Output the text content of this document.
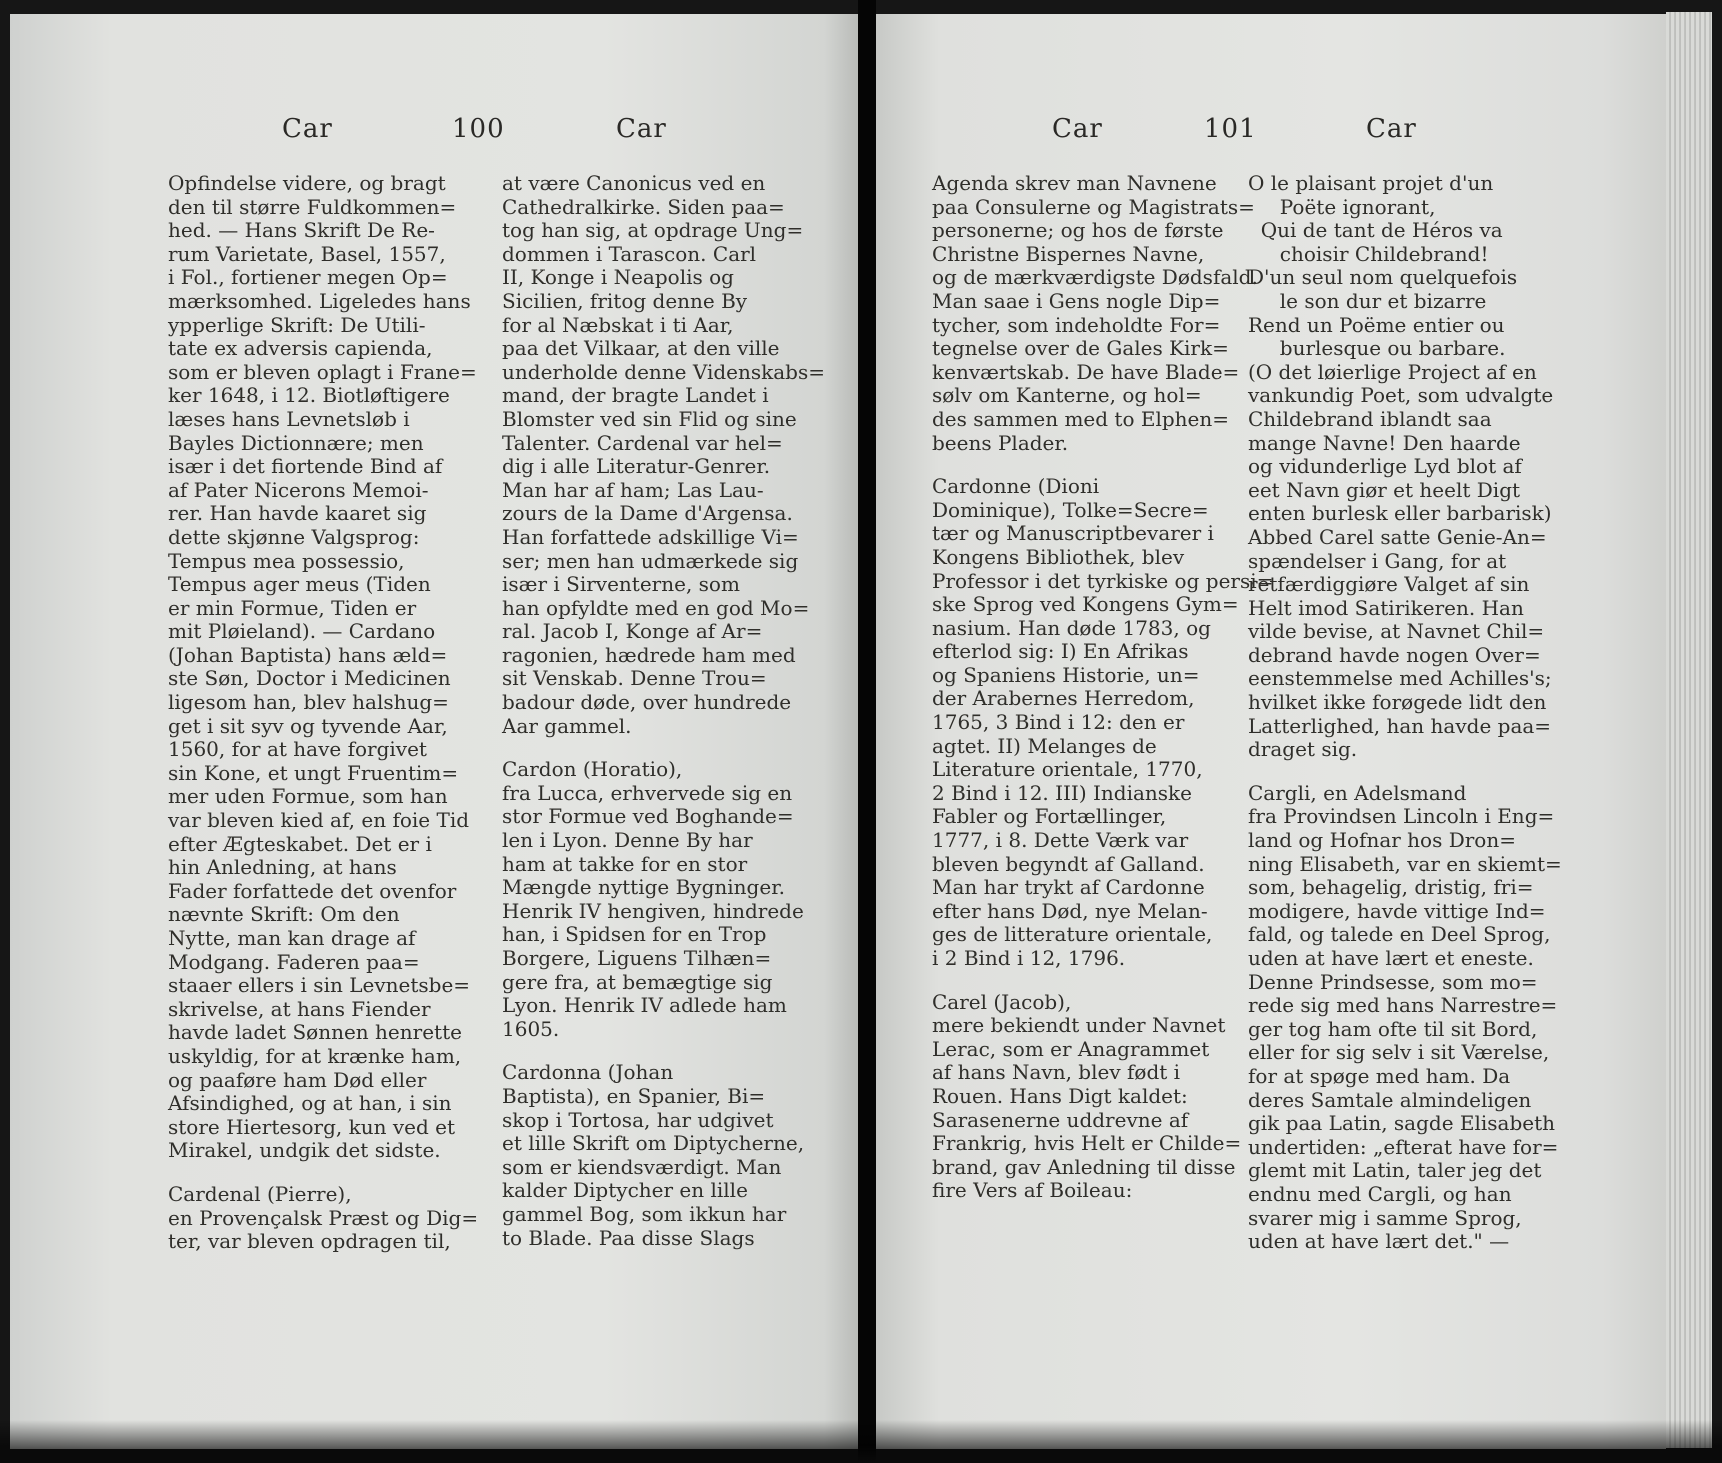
Car	100	Car
Opfindelse videre, og bragt
den til større Fuldkommen=
hed. — Hans Skrift De Re-
rum Varietate, Basel, 1557,
i Fol., fortiener megen Op=
mærksomhed. Ligeledes hans
ypperlige Skrift: De Utili-
tate ex adversis capienda,
som er bleven oplagt i Frane=
ker 1648, i 12. Biotløftigere
læses hans Levnetsløb i
Bayles Dictionnære; men
især i det fiortende Bind af
af Pater Nicerons Memoi-
rer. Han havde kaaret sig
dette skjønne Valgsprog:
Tempus mea possessio,
Tempus ager meus (Tiden
er min Formue, Tiden er
mit Pløieland). — Cardano
(Johan Baptista) hans æld=
ste Søn, Doctor i Medicinen
ligesom han, blev halshug=
get i sit syv og tyvende Aar,
1560, for at have forgivet
sin Kone, et ungt Fruentim=
mer uden Formue, som han
var bleven kied af, en foie Tid
efter Ægteskabet. Det er i
hin Anledning, at hans
Fader forfattede det ovenfor
nævnte Skrift: Om den
Nytte, man kan drage af
Modgang. Faderen paa=
staaer ellers i sin Levnetsbe=
skrivelse, at hans Fiender
havde ladet Sønnen henrette
uskyldig, for at krænke ham,
og paaføre ham Død eller
Afsindighed, og at han, i sin
store Hiertesorg, kun ved et
Mirakel, undgik det sidste.
Cardenal (Pierre),
en Provençalsk Præst og Dig=
ter, var bleven opdragen til,
at være Canonicus ved en
Cathedralkirke. Siden paa=
tog han sig, at opdrage Ung=
dommen i Tarascon. Carl
II, Konge i Neapolis og
Sicilien, fritog denne By
for al Næbskat i ti Aar,
paa det Vilkaar, at den ville
underholde denne Videnskabs=
mand, der bragte Landet i
Blomster ved sin Flid og sine
Talenter. Cardenal var hel=
dig i alle Literatur-Genrer.
Man har af ham; Las Lau-
zours de la Dame d'Argensa.
Han forfattede adskillige Vi=
ser; men han udmærkede sig
især i Sirventerne, som
han opfyldte med en god Mo=
ral. Jacob I, Konge af Ar=
ragonien, hædrede ham med
sit Venskab. Denne Trou=
badour døde, over hundrede
Aar gammel.
Cardon (Horatio),
fra Lucca, erhvervede sig en
stor Formue ved Boghande=
len i Lyon. Denne By har
ham at takke for en stor
Mængde nyttige Bygninger.
Henrik IV hengiven, hindrede
han, i Spidsen for en Trop
Borgere, Liguens Tilhæn=
gere fra, at bemægtige sig
Lyon. Henrik IV adlede ham
1605.
Cardonna (Johan
Baptista), en Spanier, Bi=
skop i Tortosa, har udgivet
et lille Skrift om Diptycherne,
som er kiendsværdigt. Man
kalder Diptycher en lille
gammel Bog, som ikkun har
to Blade. Paa disse Slags
Car	101	Car
Agenda skrev man Navnene
paa Consulerne og Magistrats=
personerne; og hos de første
Christne Bispernes Navne,
og de mærkværdigste Dødsfald.
Man saae i Gens nogle Dip=
tycher, som indeholdte For=
tegnelse over de Gales Kirk=
kenværtskab. De have Blade=
sølv om Kanterne, og hol=
des sammen med to Elphen=
beens Plader.
Cardonne (Dioni
Dominique), Tolke=Secre=
tær og Manuscriptbevarer i
Kongens Bibliothek, blev
Professor i det tyrkiske og persi=
ske Sprog ved Kongens Gym=
nasium. Han døde 1783, og
efterlod sig: I) En Afrikas
og Spaniens Historie, un=
der Arabernes Herredom,
1765, 3 Bind i 12: den er
agtet. II) Melanges de
Literature orientale, 1770,
2 Bind i 12. III) Indianske
Fabler og Fortællinger,
1777, i 8. Dette Værk var
bleven begyndt af Galland.
Man har trykt af Cardonne
efter hans Død, nye Melan-
ges de litterature orientale,
i 2 Bind i 12, 1796.
Carel (Jacob),
mere bekiendt under Navnet
Lerac, som er Anagrammet
af hans Navn, blev født i
Rouen. Hans Digt kaldet:
Sarasenerne uddrevne af
Frankrig, hvis Helt er Childe=
brand, gav Anledning til disse
fire Vers af Boileau:
O le plaisant projet d'un
Poëte ignorant,
Qui de tant de Héros va
choisir Childebrand!
D'un seul nom quelquefois
le son dur et bizarre
Rend un Poëme entier ou
burlesque ou barbare.
(O det løierlige Project af en
vankundig Poet, som udvalgte
Childebrand iblandt saa
mange Navne! Den haarde
og vidunderlige Lyd blot af
eet Navn giør et heelt Digt
enten burlesk eller barbarisk)
Abbed Carel satte Genie-An=
spændelser i Gang, for at
retfærdiggiøre Valget af sin
Helt imod Satirikeren. Han
vilde bevise, at Navnet Chil=
debrand havde nogen Over=
eenstemmelse med Achilles's;
hvilket ikke forøgede lidt den
Latterlighed, han havde paa=
draget sig.
Cargli, en Adelsmand
fra Provindsen Lincoln i Eng=
land og Hofnar hos Dron=
ning Elisabeth, var en skiemt=
som, behagelig, dristig, fri=
modigere, havde vittige Ind=
fald, og talede en Deel Sprog,
uden at have lært et eneste.
Denne Prindsesse, som mo=
rede sig med hans Narrestre=
ger tog ham ofte til sit Bord,
eller for sig selv i sit Værelse,
for at spøge med ham. Da
deres Samtale almindeligen
gik paa Latin, sagde Elisabeth
undertiden: „efterat have for=
glemt mit Latin, taler jeg det
endnu med Cargli, og han
svarer mig i samme Sprog,
uden at have lært det." —
